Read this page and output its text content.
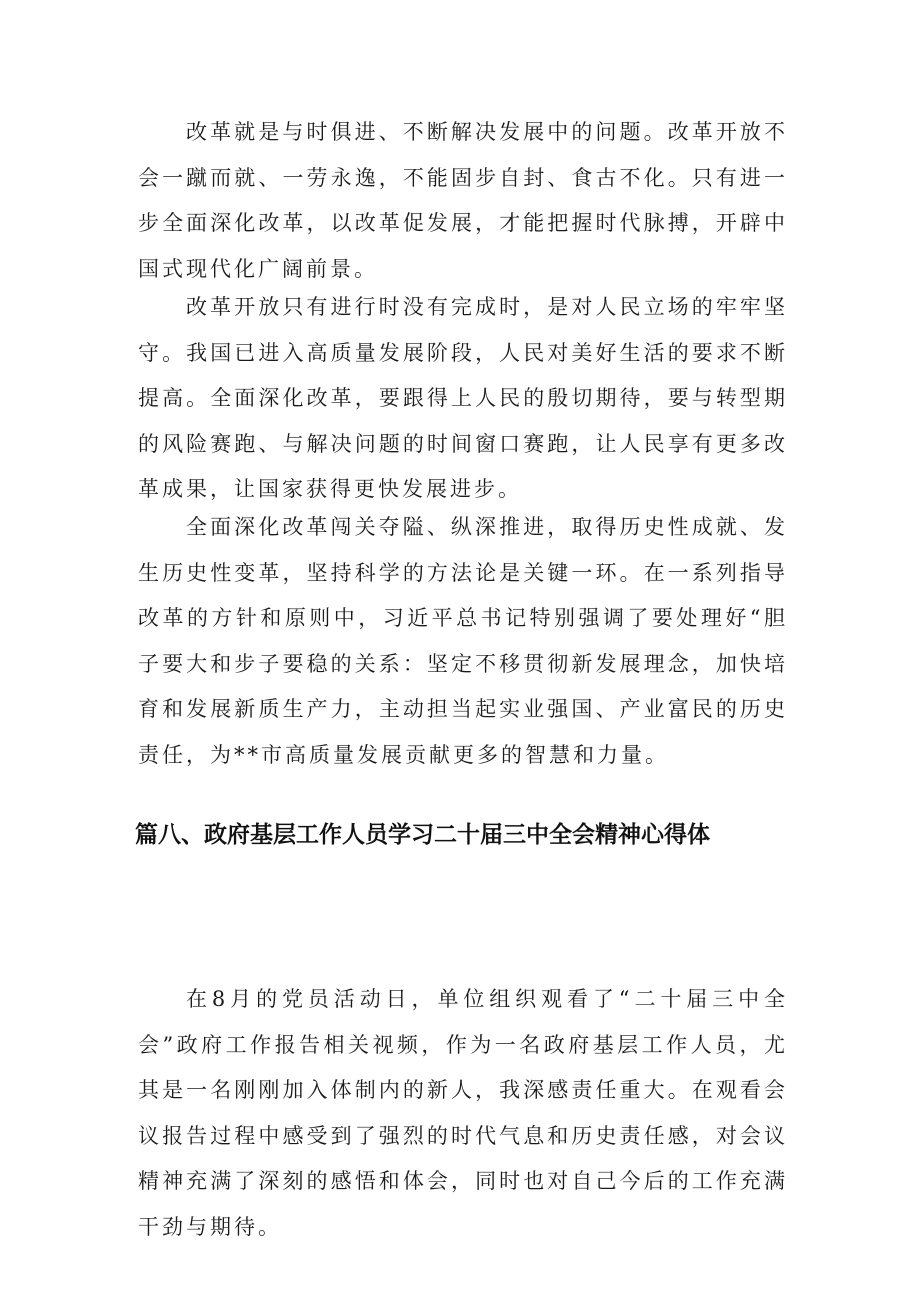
改革就是与时俱进、不断解决发展中的问题。改革开放不会一蹴而就、一劳永逸，不能固步自封、食古不化。只有进一步全面深化改革，以改革促发展，才能把握时代脉搏，开辟中国式现代化广阔前景。

改革开放只有进行时没有完成时，是对人民立场的牢牢坚守。我国已进入高质量发展阶段，人民对美好生活的要求不断提高。全面深化改革，要跟得上人民的殷切期待，要与转型期的风险赛跑、与解决问题的时间窗口赛跑，让人民享有更多改革成果，让国家获得更快发展进步。

全面深化改革闯关夺隘、纵深推进，取得历史性成就、发生历史性变革，坚持科学的方法论是关键一环。在一系列指导改革的方针和原则中，习近平总书记特别强调了要处理好“胆子要大和步子要稳的关系：坚定不移贯彻新发展理念，加快培育和发展新质生产力，主动担当起实业强国、产业富民的历史责任，为**市高质量发展贡献更多的智慧和力量。

篇八、政府基层工作人员学习二十届三中全会精神心得体

在8月的党员活动日，单位组织观看了“二十届三中全会”政府工作报告相关视频，作为一名政府基层工作人员，尤其是一名刚刚加入体制内的新人，我深感责任重大。在观看会议报告过程中感受到了强烈的时代气息和历史责任感，对会议精神充满了深刻的感悟和体会，同时也对自己今后的工作充满干劲与期待。
